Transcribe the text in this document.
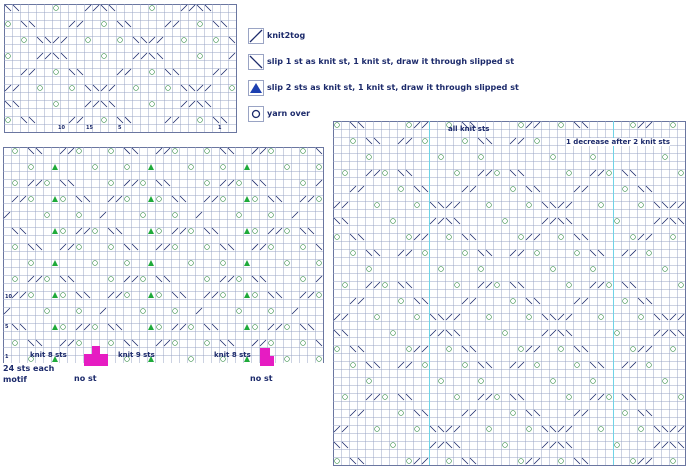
10	15	5	1
knit2tog
slip 1 st as knit st, 1 knit st, draw it through slipped st
slip 2 sts as knit st, 1 knit st, draw it through slipped st
yarn over
knit 8 sts	knit 9 sts	knit 8 sts
24 sts each
motif	no st	no st
1
5
10
all knit sts
1 decrease after 2 knit sts
